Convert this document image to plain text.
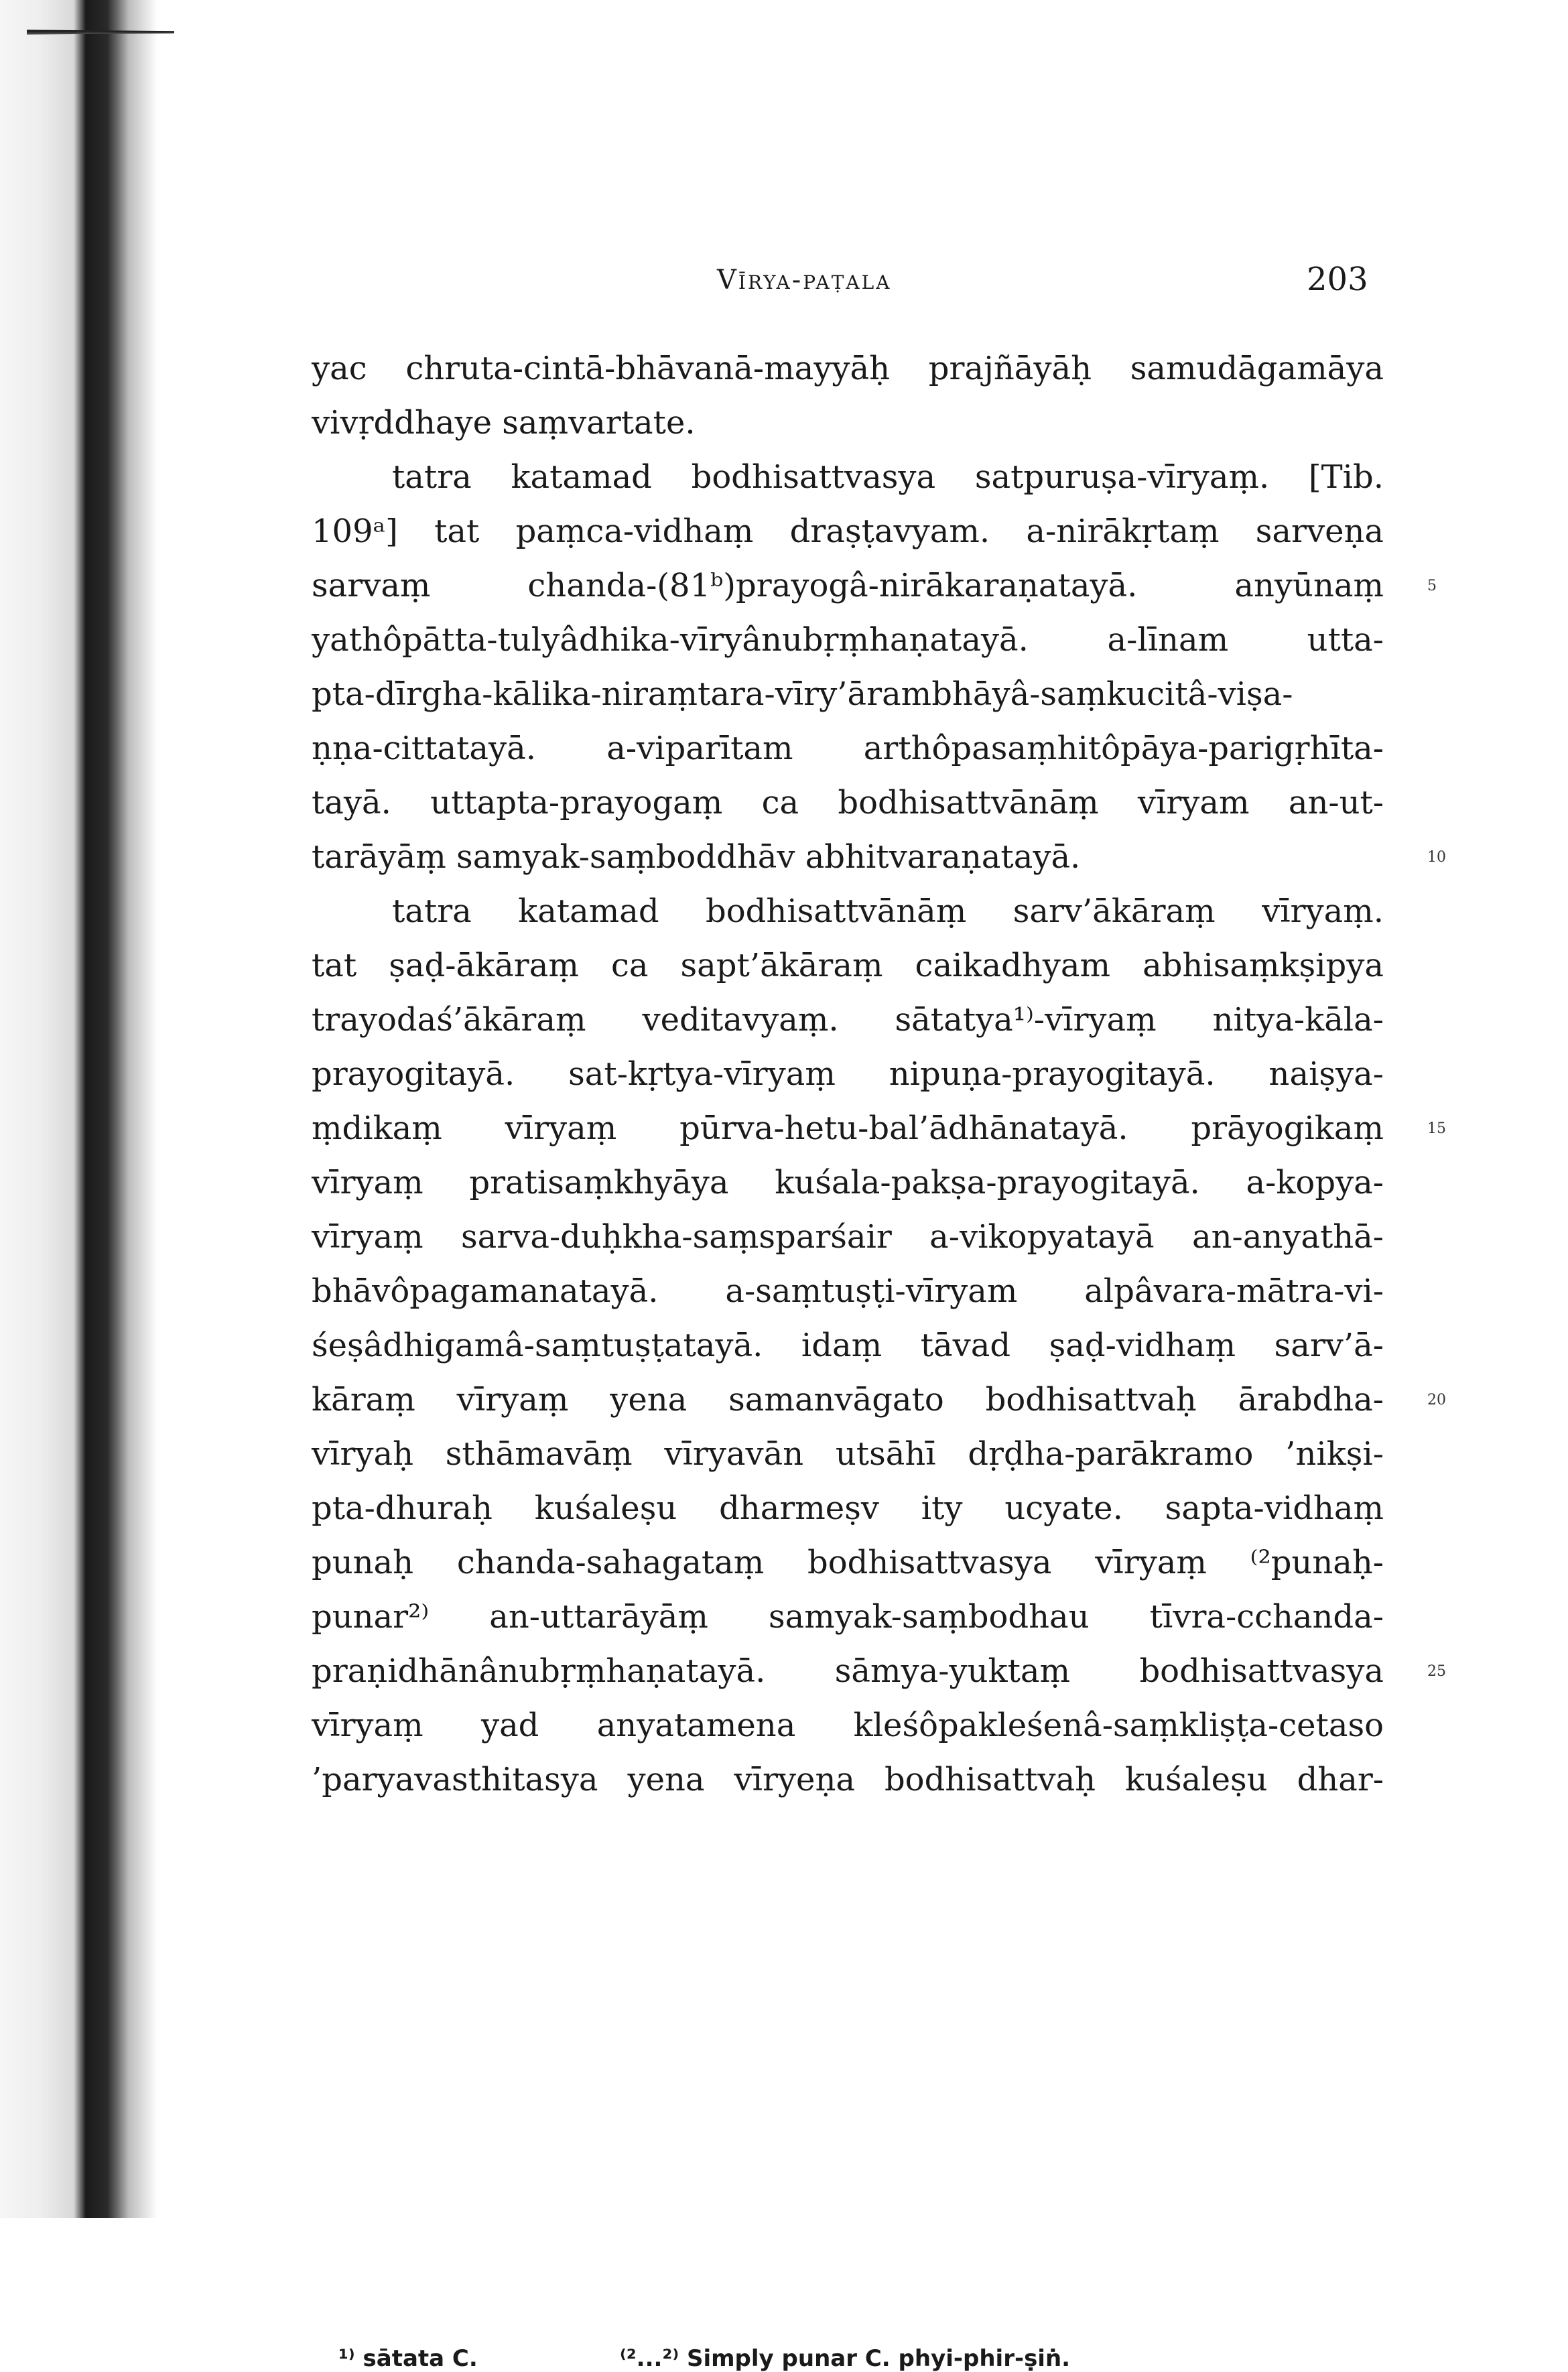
Vīrya-paṭala	203
yac chruta-cintā-bhāvanā-mayyāḥ prajñāyāḥ samudāgamāya
vivṛddhaye saṃvartate.
tatra katamad bodhisattvasya satpuruṣa-vīryaṃ. [Tib.
109ᵃ] tat paṃca-vidhaṃ draṣṭavyam. a-nirākṛtaṃ sarveṇa
sarvaṃ chanda-(81ᵇ)prayogâ-nirākaraṇatayā. anyūnaṃ	5
yathôpātta-tulyâdhika-vīryânubṛṃhaṇatayā. a-līnam utta-
pta-dīrgha-kālika-niraṃtara-vīry’ārambhāyâ-saṃkucitâ-viṣa-
ṇṇa-cittatayā. a-viparītam arthôpasaṃhitôpāya-parigṛhīta-
tayā. uttapta-prayogaṃ ca bodhisattvānāṃ vīryam an-ut-
tarāyāṃ samyak-saṃboddhāv abhitvaraṇatayā.	10
tatra katamad bodhisattvānāṃ sarv’ākāraṃ vīryaṃ.
tat ṣaḍ-ākāraṃ ca sapt’ākāraṃ caikadhyam abhisaṃkṣipya
trayodaś’ākāraṃ veditavyaṃ. sātatya¹⁾-vīryaṃ nitya-kāla-
prayogitayā. sat-kṛtya-vīryaṃ nipuṇa-prayogitayā. naiṣya-
ṃdikaṃ vīryaṃ pūrva-hetu-bal’ādhānatayā. prāyogikaṃ	15
vīryaṃ pratisaṃkhyāya kuśala-pakṣa-prayogitayā. a-kopya-
vīryaṃ sarva-duḥkha-saṃsparśair a-vikopyatayā an-anyathā-
bhāvôpagamanatayā. a-saṃtuṣṭi-vīryam alpâvara-mātra-vi-
śeṣâdhigamâ-saṃtuṣṭatayā. idaṃ tāvad ṣaḍ-vidhaṃ sarv’ā-
kāraṃ vīryaṃ yena samanvāgato bodhisattvaḥ ārabdha-	20
vīryaḥ sthāmavāṃ vīryavān utsāhī dṛḍha-parākramo ’nikṣi-
pta-dhuraḥ kuśaleṣu dharmeṣv ity ucyate. sapta-vidhaṃ
punaḥ chanda-sahagataṃ bodhisattvasya vīryaṃ ⁽²punaḥ-
punar²⁾ an-uttarāyāṃ samyak-saṃbodhau tīvra-cchanda-
praṇidhānânubṛṃhaṇatayā. sāmya-yuktaṃ bodhisattvasya	25
vīryaṃ yad anyatamena kleśôpakleśenâ-saṃkliṣṭa-cetaso
’paryavasthitasya yena vīryeṇa bodhisattvaḥ kuśaleṣu dhar-
¹⁾ sātata C.	⁽²...²⁾ Simply punar C. phyi-phir-ṣiṅ.
